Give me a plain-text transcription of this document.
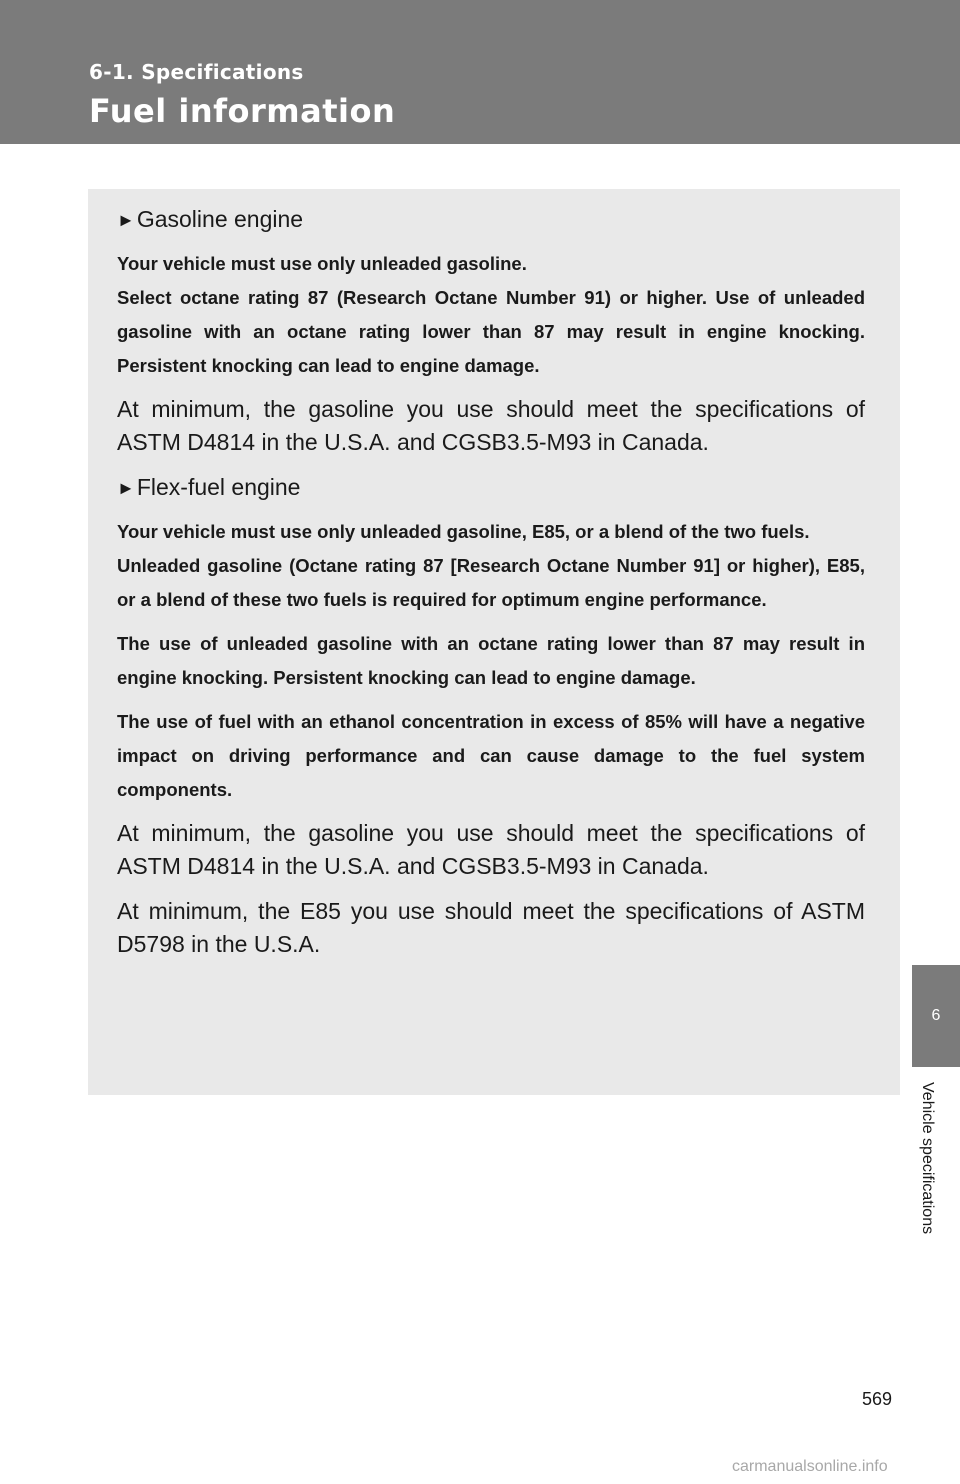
6-1. Specifications
Fuel information
►Gasoline engine
Your vehicle must use only unleaded gasoline.
Select octane rating 87 (Research Octane Number 91) or higher. Use of unleaded gasoline with an octane rating lower than 87 may result in engine knocking. Persistent knocking can lead to engine damage.
At minimum, the gasoline you use should meet the specifications of ASTM D4814 in the U.S.A. and CGSB3.5-M93 in Canada.
►Flex-fuel engine
Your vehicle must use only unleaded gasoline, E85, or a blend of the two fuels.
Unleaded gasoline (Octane rating 87 [Research Octane Number 91] or higher), E85, or a blend of these two fuels is required for optimum engine performance.
The use of unleaded gasoline with an octane rating lower than 87 may result in engine knocking. Persistent knocking can lead to engine damage.
The use of fuel with an ethanol concentration in excess of 85% will have a negative impact on driving performance and can cause damage to the fuel system components.
At minimum, the gasoline you use should meet the specifications of ASTM D4814 in the U.S.A. and CGSB3.5-M93 in Canada.
At minimum, the E85 you use should meet the specifications of ASTM D5798 in the U.S.A.
6
Vehicle specifications
569
carmanualsonline.info
